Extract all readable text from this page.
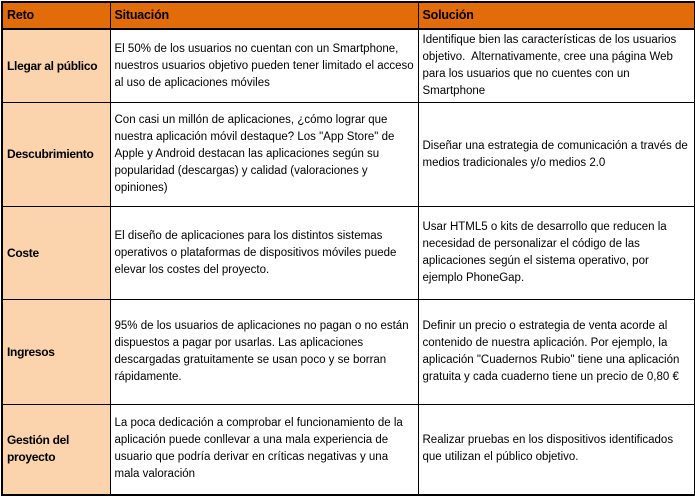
Reto	Situación	Solución
Llegar al público	El 50% de los usuarios no cuentan con un Smartphone, nuestros usuarios objetivo pueden tener limitado el acceso al uso de aplicaciones móviles	Identifique bien las características de los usuarios objetivo.  Alternativamente, cree una página Web para los usuarios que no cuentes con un Smartphone
Descubrimiento	Con casi un millón de aplicaciones, ¿cómo lograr que nuestra aplicación móvil destaque? Los "App Store" de Apple y Android destacan las aplicaciones según su popularidad (descargas) y calidad (valoraciones y opiniones)	Diseñar una estrategia de comunicación a través de medios tradicionales y/o medios 2.0
Coste	El diseño de aplicaciones para los distintos sistemas operativos o plataformas de dispositivos móviles puede elevar los costes del proyecto.	Usar HTML5 o kits de desarrollo que reducen la necesidad de personalizar el código de las aplicaciones según el sistema operativo, por ejemplo PhoneGap.
Ingresos	95% de los usuarios de aplicaciones no pagan o no están dispuestos a pagar por usarlas. Las aplicaciones descargadas gratuitamente se usan poco y se borran rápidamente.	Definir un precio o estrategia de venta acorde al contenido de nuestra aplicación. Por ejemplo, la aplicación "Cuadernos Rubio" tiene una aplicación gratuita y cada cuaderno tiene un precio de 0,80 €
Gestión del proyecto	La poca dedicación a comprobar el funcionamiento de la aplicación puede conllevar a una mala experiencia de usuario que podría derivar en críticas negativas y una mala valoración	Realizar pruebas en los dispositivos identificados que utilizan el público objetivo.
